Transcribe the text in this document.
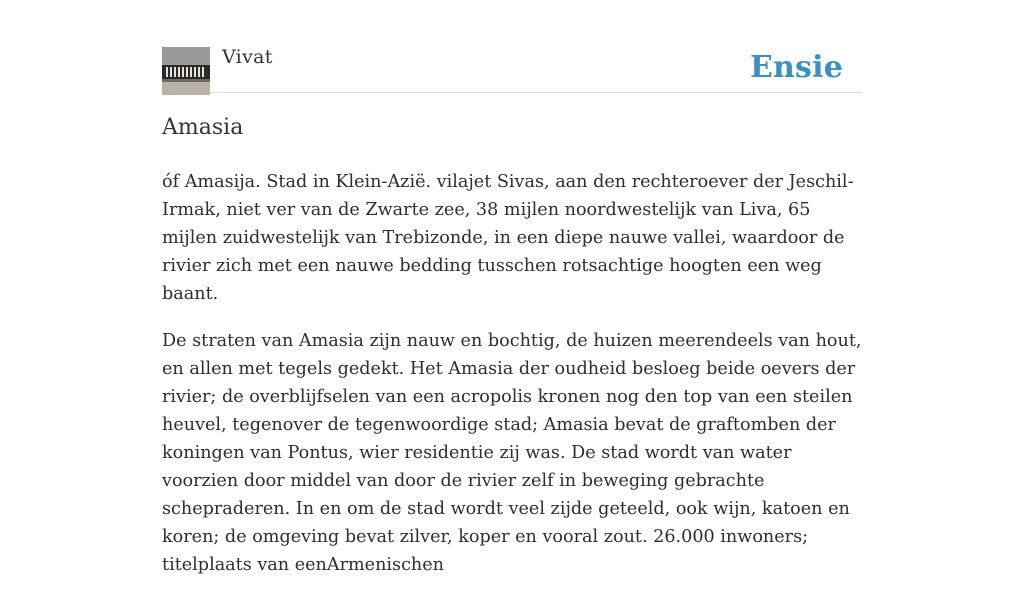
Vivat	Ensie
Amasia

óf Amasija. Stad in Klein-Azië. vilajet Sivas, aan den rechteroever der Jeschil-Irmak, niet ver van de Zwarte zee, 38 mijlen noordwestelijk van Liva, 65 mijlen zuidwestelijk van Trebizonde, in een diepe nauwe vallei, waardoor de rivier zich met een nauwe bedding tusschen rotsachtige hoogten een weg baant.

De straten van Amasia zijn nauw en bochtig, de huizen meerendeels van hout, en allen met tegels gedekt. Het Amasia der oudheid besloeg beide oevers der rivier; de overblijfselen van een acropolis kronen nog den top van een steilen heuvel, tegenover de tegenwoordige stad; Amasia bevat de graftomben der koningen van Pontus, wier residentie zij was. De stad wordt van water voorzien door middel van door de rivier zelf in beweging gebrachte schepraderen. In en om de stad wordt veel zijde geteeld, ook wijn, katoen en koren; de omgeving bevat zilver, koper en vooral zout. 26.000 inwoners; titelplaats van eenArmenischen
